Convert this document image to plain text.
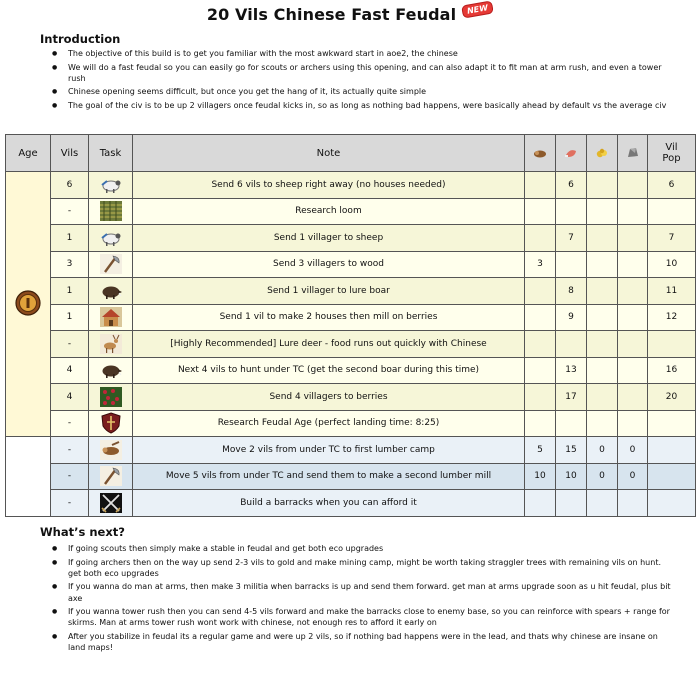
20 Vils Chinese Fast Feudal NEW
Introduction
● The objective of this build is to get you familiar with the most awkward start in aoe2, the chinese
● We will do a fast feudal so you can easily go for scouts or archers using this opening, and can also adapt it to fit man at arm rush, and even a tower rush
● Chinese opening seems difficult, but once you get the hang of it, its actually quite simple
● The goal of the civ is to be up 2 villagers once feudal kicks in, so as long as nothing bad happens, were basically ahead by default vs the average civ
Age	Vils	Task	Note					Vil
Pop
	6		Send 6 vils to sheep right away (no houses needed)		6			6
	-		Research loom					
	1		Send 1 villager to sheep		7			7
	3		Send 3 villagers to wood	3				10
	1		Send 1 villager to lure boar		8			11
	1		Send 1 vil to make 2 houses then mill on berries		9			12
	-		[Highly Recommended] Lure deer - food runs out quickly with Chinese					
	4		Next 4 vils to hunt under TC (get the second boar during this time)		13			16
	4		Send 4 villagers to berries		17			20
	-		Research Feudal Age (perfect landing time: 8:25)					
	-		Move 2 vils from under TC to first lumber camp	5	15	0	0	
	-		Move 5 vils from under TC and send them to make a second lumber mill	10	10	0	0	
	-		Build a barracks when you can afford it					
What’s next?
● If going scouts then simply make a stable in feudal and get both eco upgrades
● If going archers then on the way up send 2-3 vils to gold and make mining camp, might be worth taking straggler trees with remaining vils on hunt. get both eco upgrades
● If you wanna do man at arms, then make 3 militia when barracks is up and send them forward. get man at arms upgrade soon as u hit feudal, plus bit axe
● If you wanna tower rush then you can send 4-5 vils forward and make the barracks close to enemy base, so you can reinforce with spears + range for skirms. Man at arms tower rush wont work with chinese, not enough res to afford it early on
● After you stabilize in feudal its a regular game and were up 2 vils, so if nothing bad happens were in the lead, and thats why chinese are insane on land maps!
